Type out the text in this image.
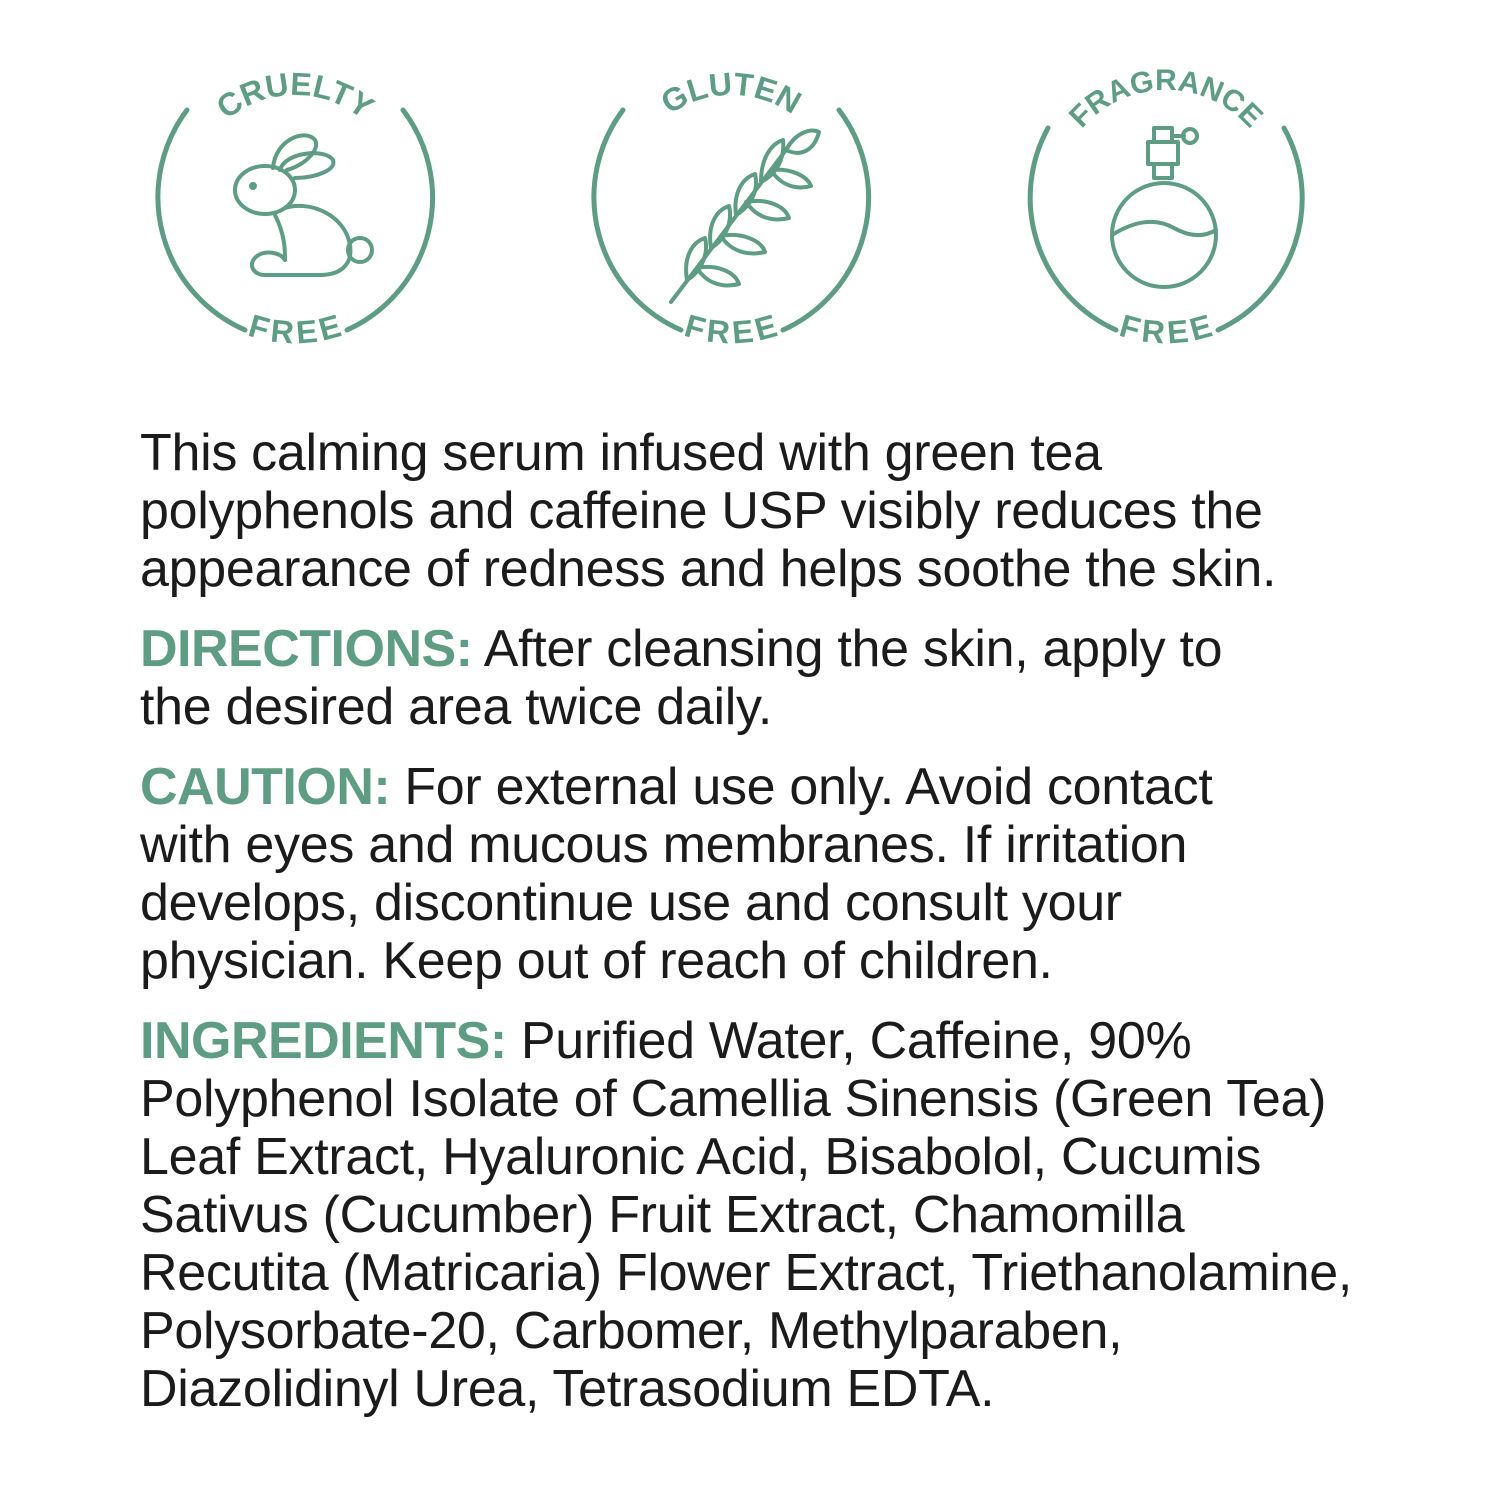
CRUELTY
FREE
GLUTEN
FREE
FRAGRANCE
FREE

This calming serum infused with green tea
polyphenols and caffeine USP visibly reduces the
appearance of redness and helps soothe the skin.

DIRECTIONS: After cleansing the skin, apply to
the desired area twice daily.

CAUTION: For external use only. Avoid contact
with eyes and mucous membranes. If irritation
develops, discontinue use and consult your
physician. Keep out of reach of children.

INGREDIENTS: Purified Water, Caffeine, 90%
Polyphenol Isolate of Camellia Sinensis (Green Tea)
Leaf Extract, Hyaluronic Acid, Bisabolol, Cucumis
Sativus (Cucumber) Fruit Extract, Chamomilla
Recutita (Matricaria) Flower Extract, Triethanolamine,
Polysorbate-20, Carbomer, Methylparaben,
Diazolidinyl Urea, Tetrasodium EDTA.
